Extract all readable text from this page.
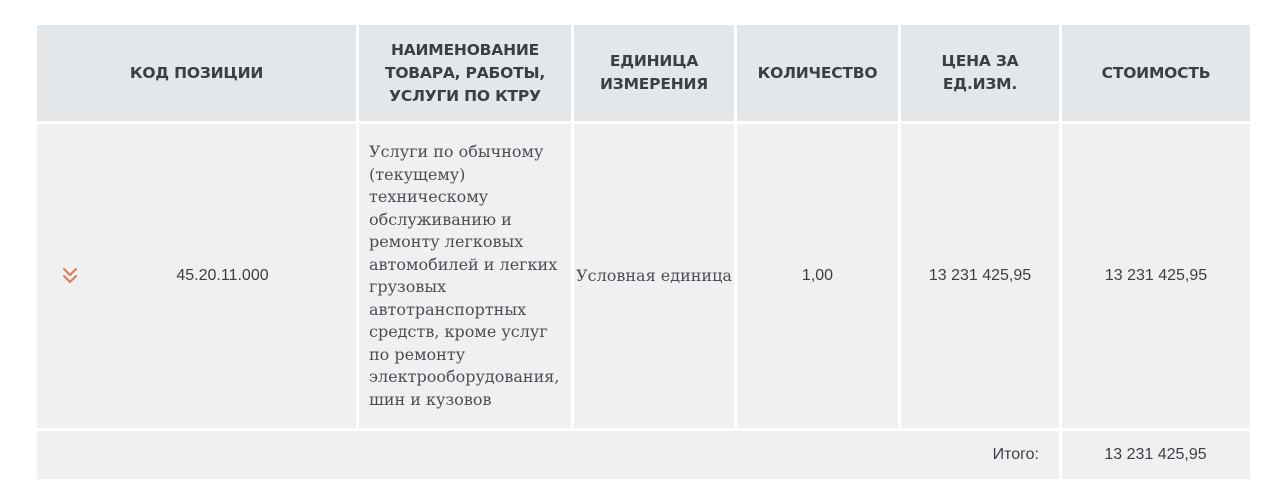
КОД ПОЗИЦИИ	НАИМЕНОВАНИЕ ТОВАРА, РАБОТЫ, УСЛУГИ ПО КТРУ	ЕДИНИЦА ИЗМЕРЕНИЯ	КОЛИЧЕСТВО	ЦЕНА ЗА ЕД.ИЗМ.	СТОИМОСТЬ

45.20.11.000	Услуги по обычному (текущему) техническому обслуживанию и ремонту легковых автомобилей и легких грузовых автотранспортных средств, кроме услуг по ремонту электрооборудования, шин и кузовов	Условная единица	1,00	13 231 425,95	13 231 425,95
Итого:					13 231 425,95
